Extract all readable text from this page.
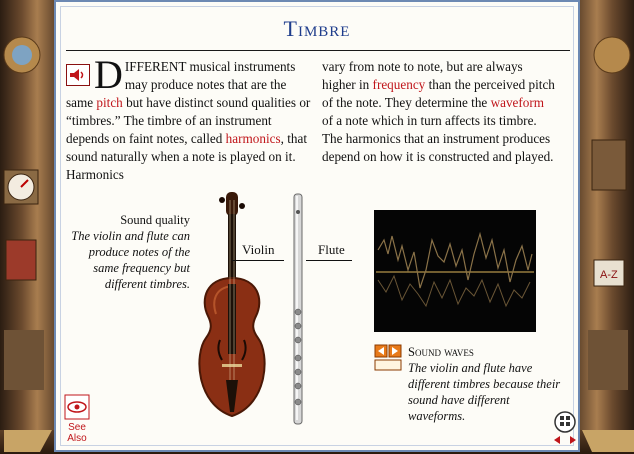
A-Z
Timbre
DIFFERENT musical instruments may produce notes that are the same pitch but have distinct sound qualities or “timbres.” The timbre of an instrument depends on faint notes, called harmonics, that sound naturally when a note is played on it. Harmonics
vary from note to note, but are always higher in frequency than the perceived pitch of the note. They determine the waveform of a note which in turn affects its timbre. The harmonics that an instrument produces depend on how it is constructed and played.
Sound quality
The violin and flute can produce notes of the same frequency but different timbres.
Violin	Flute
Sound waves
The violin and flute have different timbres because their sound have different waveforms.
See
Also
